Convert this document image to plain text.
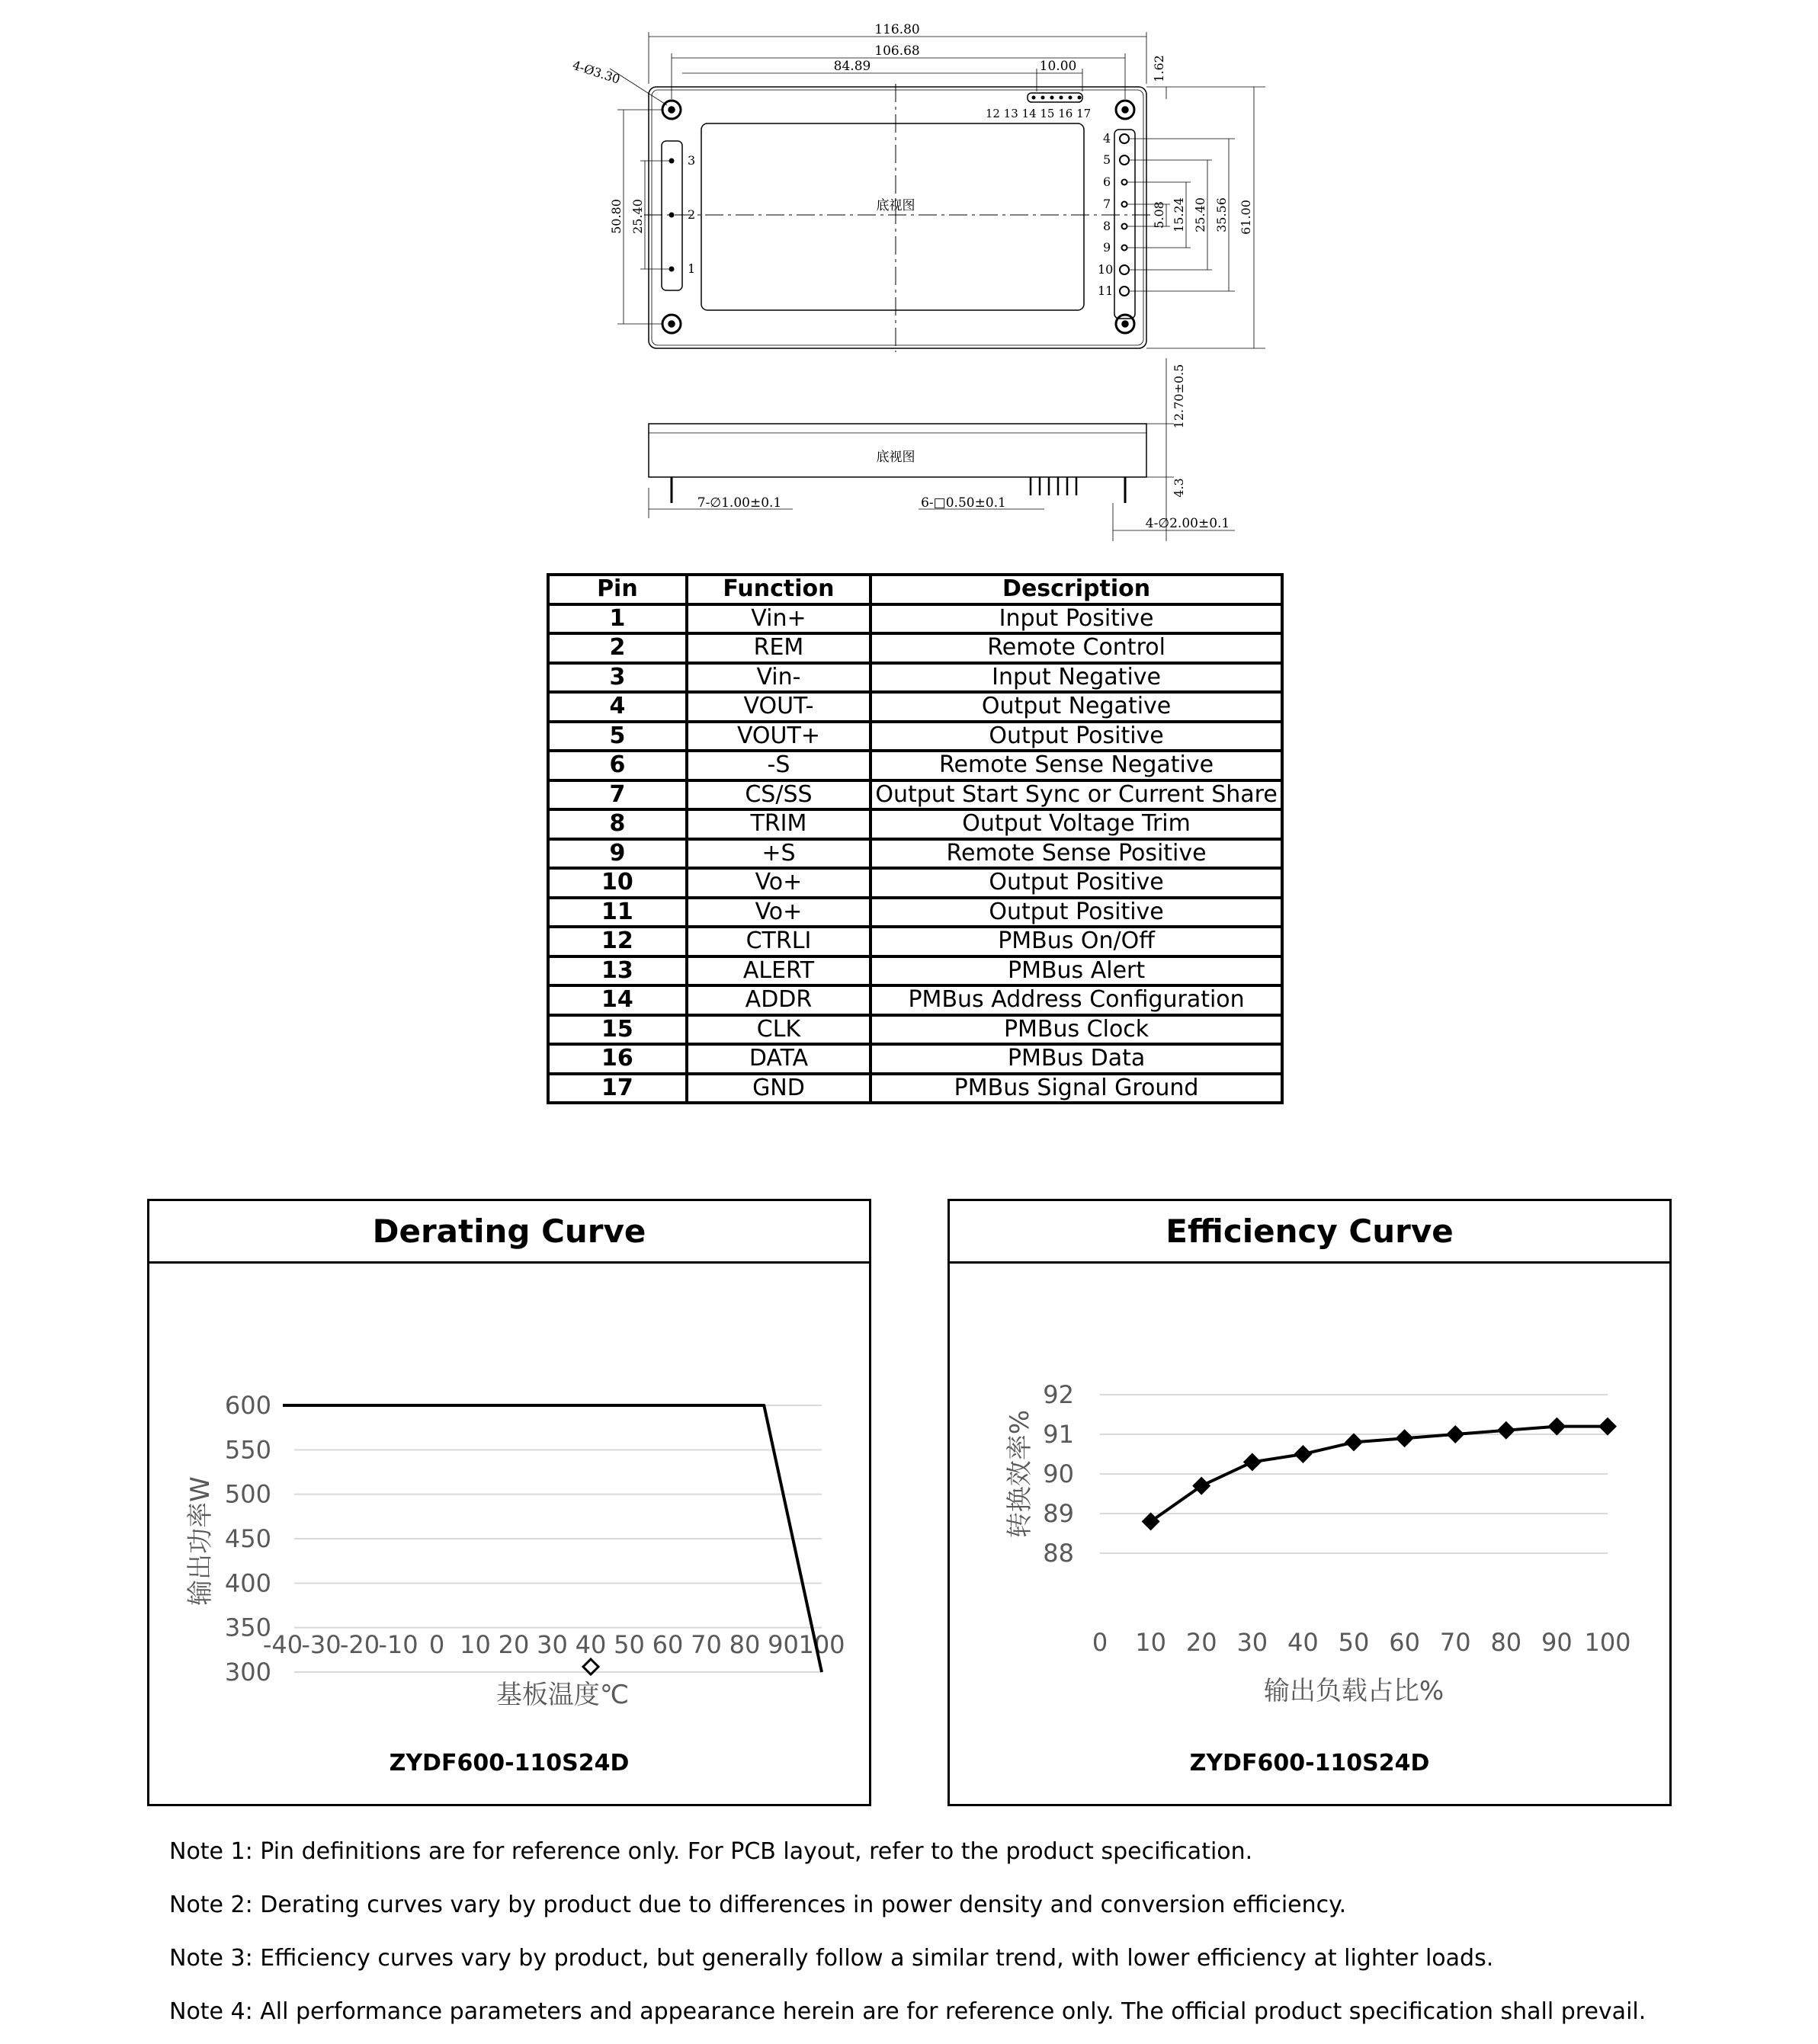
116.80
106.68
84.89	10.00
12 13 14 15 16 17
底视图
底视图
7-∅1.00±0.1	6-□0.50±0.1
4-∅2.00±0.1
3
2
1
4
5
6
7
8
9
10
11
4-Ø3.30
50.80 25.40	5.08 15.24 25.40 35.56 61.00
1.62
12.70±0.5
4.3
Pin	Function	Description
1	Vin+	Input Positive
2	REM	Remote Control
3	Vin-	Input Negative
4	VOUT-	Output Negative
5	VOUT+	Output Positive
6	-S	Remote Sense Negative
7	CS/SS	Output Start Sync or Current Share
8	TRIM	Output Voltage Trim
9	+S	Remote Sense Positive
10	Vo+	Output Positive
11	Vo+	Output Positive
12	CTRLI	PMBus On/Off
13	ALERT	PMBus Alert
14	ADDR	PMBus Address Configuration
15	CLK	PMBus Clock
16	DATA	PMBus Data
17	GND	PMBus Signal Ground
Derating Curve
600
550
500
450
400
350
300
-40
-30
-20
-10 0 10 20 30 40 50 60 70 80 90 100
基板温度℃
输出功率W
ZYDF600-110S24D
Efficiency Curve
92
91
90
89
88
0 10 20 30 40 50 60 70 80 90 100
输出负载占比%
转换效率%
ZYDF600-110S24D
Note 1: Pin definitions are for reference only. For PCB layout, refer to the product specification.
Note 2: Derating curves vary by product due to differences in power density and conversion efficiency.
Note 3: Efficiency curves vary by product, but generally follow a similar trend, with lower efficiency at lighter loads.
Note 4: All performance parameters and appearance herein are for reference only. The official product specification shall prevail.
